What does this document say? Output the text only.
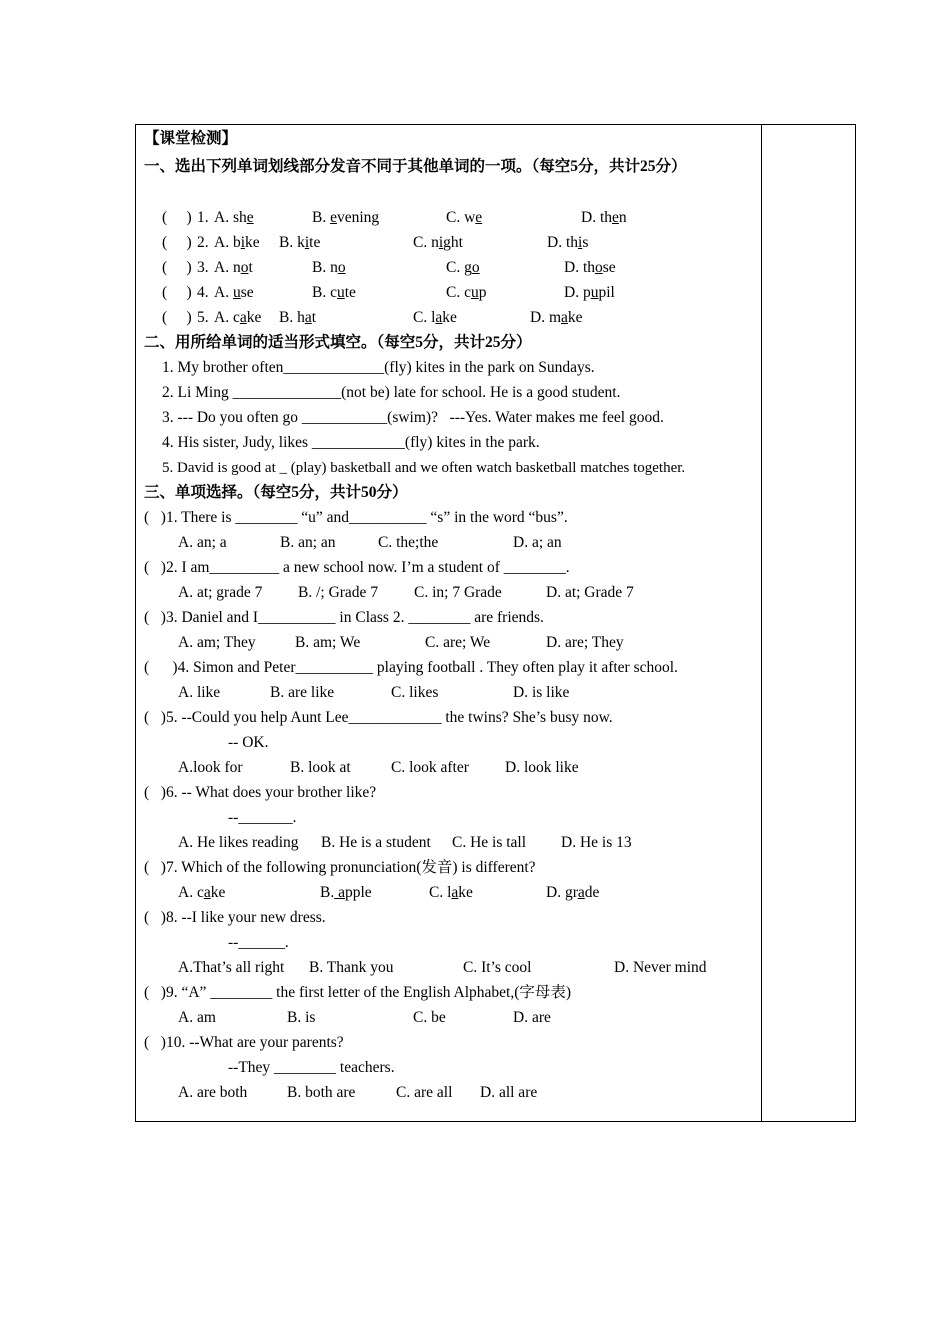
【课堂检测】
一、选出下列单词划线部分发音不同于其他单词的一项。（每空5分，共计25分）
(     ) 1. A. she	B. evening	C. we	D. then
(     ) 2. A. bike B. kite	C. night	D. this
(     ) 3. A. not	B. no	C. go	D. those
(     ) 4. A. use	B. cute	C. cup	D. pupil
(     ) 5. A. cake B. hat	C. lake	D. make
二、用所给单词的适当形式填空。（每空5分，共计25分）
1. My brother often_____________(fly) kites in the park on Sundays.
2. Li Ming ______________(not be) late for school. He is a good student.
3. --- Do you often go ___________(swim)?   ---Yes. Water makes me feel good.
4. His sister, Judy, likes ____________(fly) kites in the park.
5. David is good at _ (play) basketball and we often watch basketball matches together.
三、单项选择。（每空5分，共计50分）
(   )1. There is ________ “u” and__________ “s” in the word “bus”.
A. an; a	B. an; an	C. the;the	D. a; an
(   )2. I am_________ a new school now. I’m a student of ________.
A. at; grade 7 B. /; Grade 7 C. in; 7 Grade	D. at; Grade 7
(   )3. Daniel and I__________ in Class 2. ________ are friends.
A. am; They	B. am; We	C. are; We	D. are; They
(      )4. Simon and Peter__________ playing football . They often play it after school.
A. like	B. are like	C. likes	D. is like
(   )5. --Could you help Aunt Lee____________ the twins? She’s busy now.
-- OK.
A.look for	B. look at	C. look after D. look like
(   )6. -- What does your brother like?
--_______.
A. He likes reading B. He is a student C. He is tall D. He is 13
(   )7. Which of the following pronunciation(发音) is different?
A. cake	B. apple	C. lake	D. grade
(   )8. --I like your new dress.
--______.
A.That’s all right B. Thank you	C. It’s cool	D. Never mind
(   )9. “A” ________ the first letter of the English Alphabet,(字母表)
A. am	B. is	C. be	D. are
(   )10. --What are your parents?
--They ________ teachers.
A. are both	B. both are	C. are all D. all are
